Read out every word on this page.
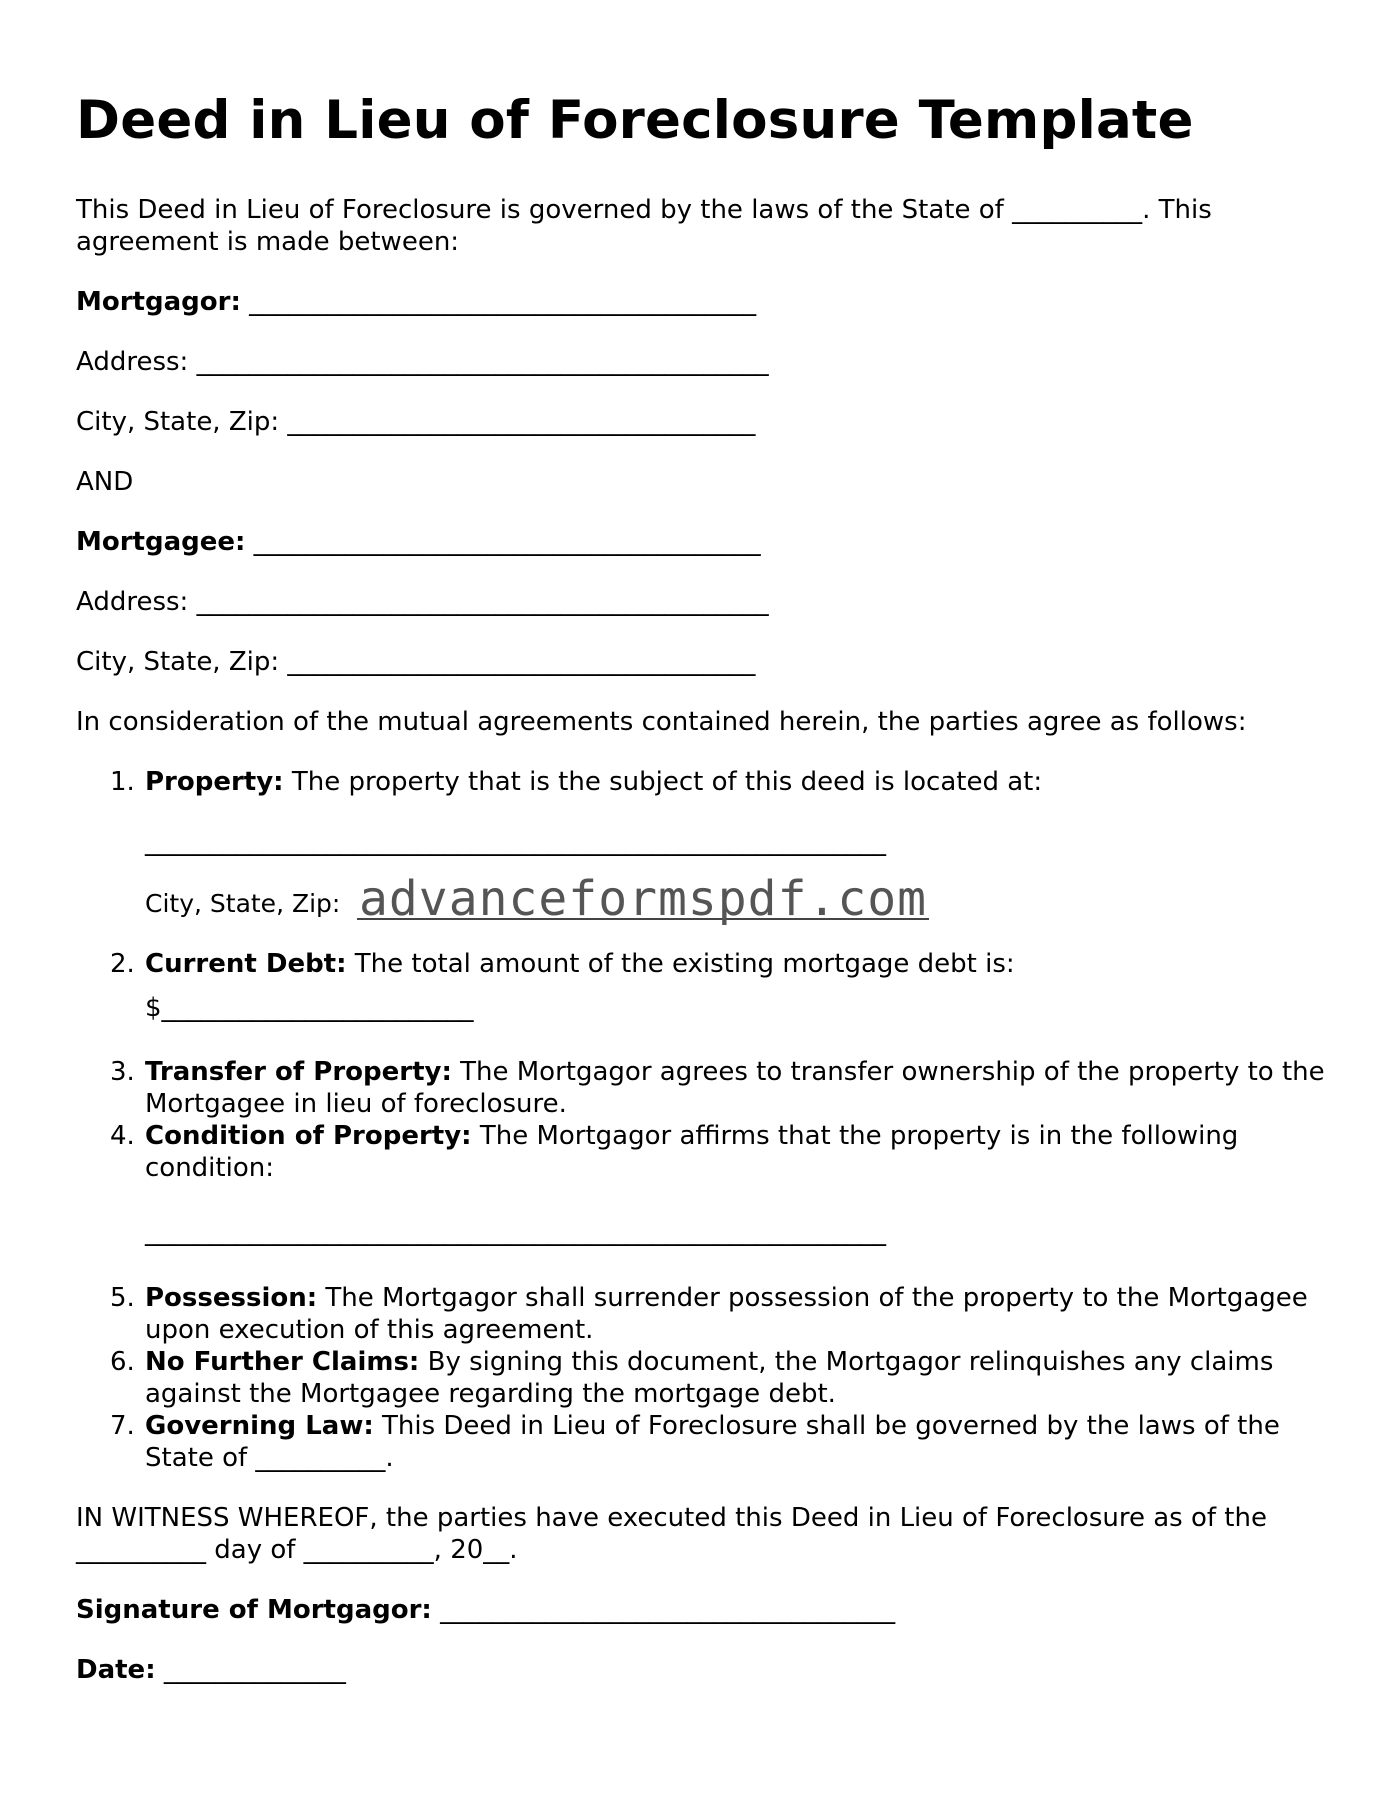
Deed in Lieu of Foreclosure Template

This Deed in Lieu of Foreclosure is governed by the laws of the State of __________. This agreement is made between:

Mortgagor: _______________________________________

Address: ____________________________________________

City, State, Zip: ____________________________________

AND

Mortgagee: _______________________________________

Address: ____________________________________________

City, State, Zip: ____________________________________

In consideration of the mutual agreements contained herein, the parties agree as follows:

1. Property: The property that is the subject of this deed is located at:
_________________________________________________________
City, State, Zip: advanceformspdf.com
2. Current Debt: The total amount of the existing mortgage debt is:
$________________________
3. Transfer of Property: The Mortgagor agrees to transfer ownership of the property to the Mortgagee in lieu of foreclosure.
4. Condition of Property: The Mortgagor affirms that the property is in the following condition:
_________________________________________________________
5. Possession: The Mortgagor shall surrender possession of the property to the Mortgagee upon execution of this agreement.
6. No Further Claims: By signing this document, the Mortgagor relinquishes any claims against the Mortgagee regarding the mortgage debt.
7. Governing Law: This Deed in Lieu of Foreclosure shall be governed by the laws of the State of __________.

IN WITNESS WHEREOF, the parties have executed this Deed in Lieu of Foreclosure as of the __________ day of __________, 20__.

Signature of Mortgagor: ___________________________________

Date: ______________
